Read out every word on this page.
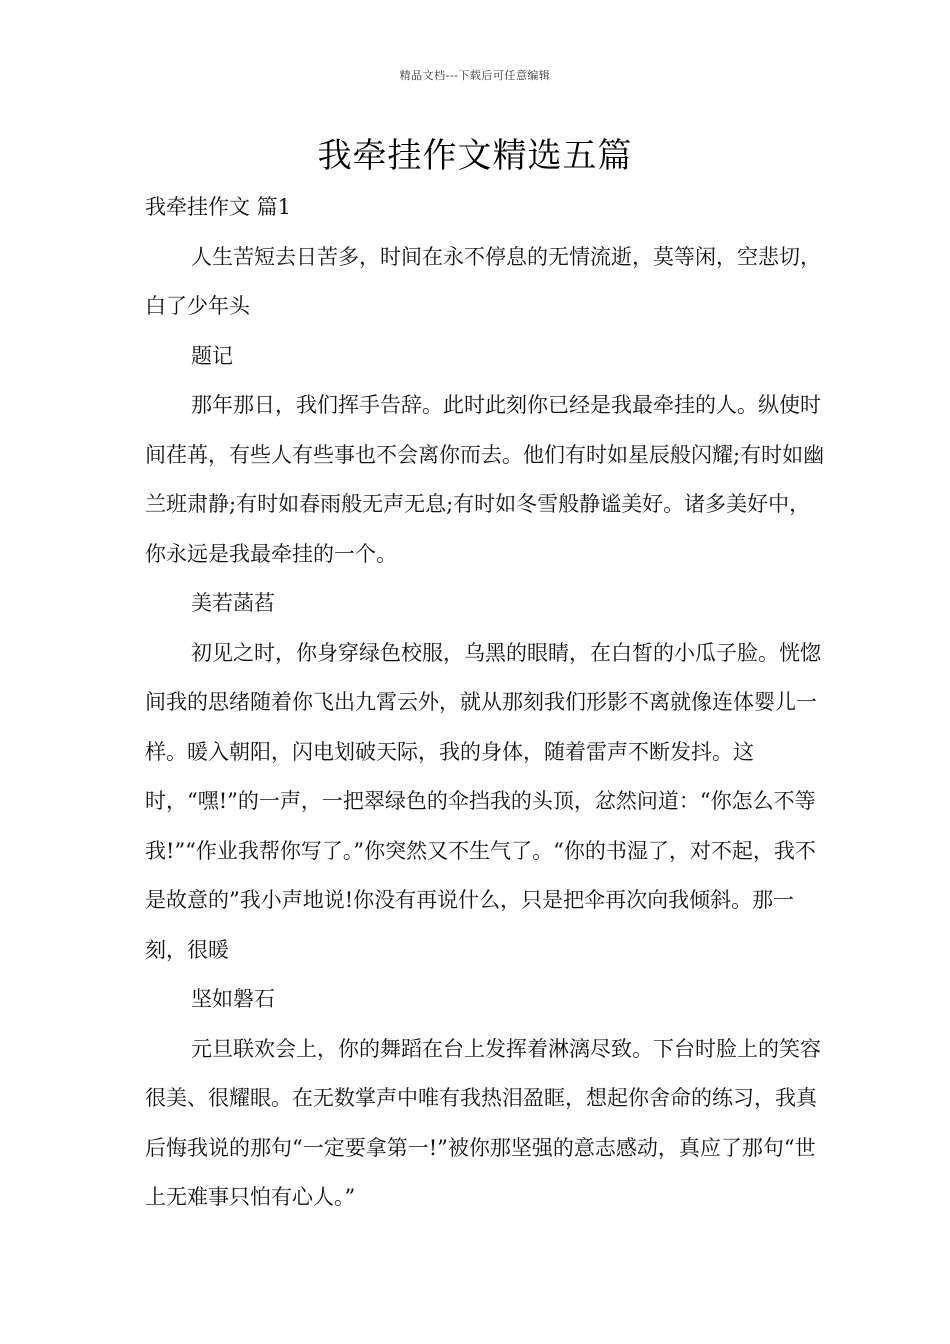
精品文档---下载后可任意编辑
我牵挂作文精选五篇

我牵挂作文 篇1

人生苦短去日苦多，时间在永不停息的无情流逝，莫等闲，空悲切，白了少年头

题记

那年那日，我们挥手告辞。此时此刻你已经是我最牵挂的人。纵使时间荏苒，有些人有些事也不会离你而去。他们有时如星辰般闪耀;有时如幽兰班肃静;有时如春雨般无声无息;有时如冬雪般静谧美好。诸多美好中，你永远是我最牵挂的一个。

美若菡萏

初见之时，你身穿绿色校服，乌黑的眼睛，在白皙的小瓜子脸。恍惚间我的思绪随着你飞出九霄云外，就从那刻我们形影不离就像连体婴儿一样。暖入朝阳，闪电划破天际，我的身体，随着雷声不断发抖。这时，“嘿!”的一声，一把翠绿色的伞挡我的头顶，忿然问道：“你怎么不等我!”“作业我帮你写了。”你突然又不生气了。“你的书湿了，对不起，我不是故意的”我小声地说!你没有再说什么，只是把伞再次向我倾斜。那一刻，很暖

坚如磐石

元旦联欢会上，你的舞蹈在台上发挥着淋漓尽致。下台时脸上的笑容很美、很耀眼。在无数掌声中唯有我热泪盈眶，想起你舍命的练习，我真后悔我说的那句“一定要拿第一!”被你那坚强的意志感动，真应了那句“世上无难事只怕有心人。”
